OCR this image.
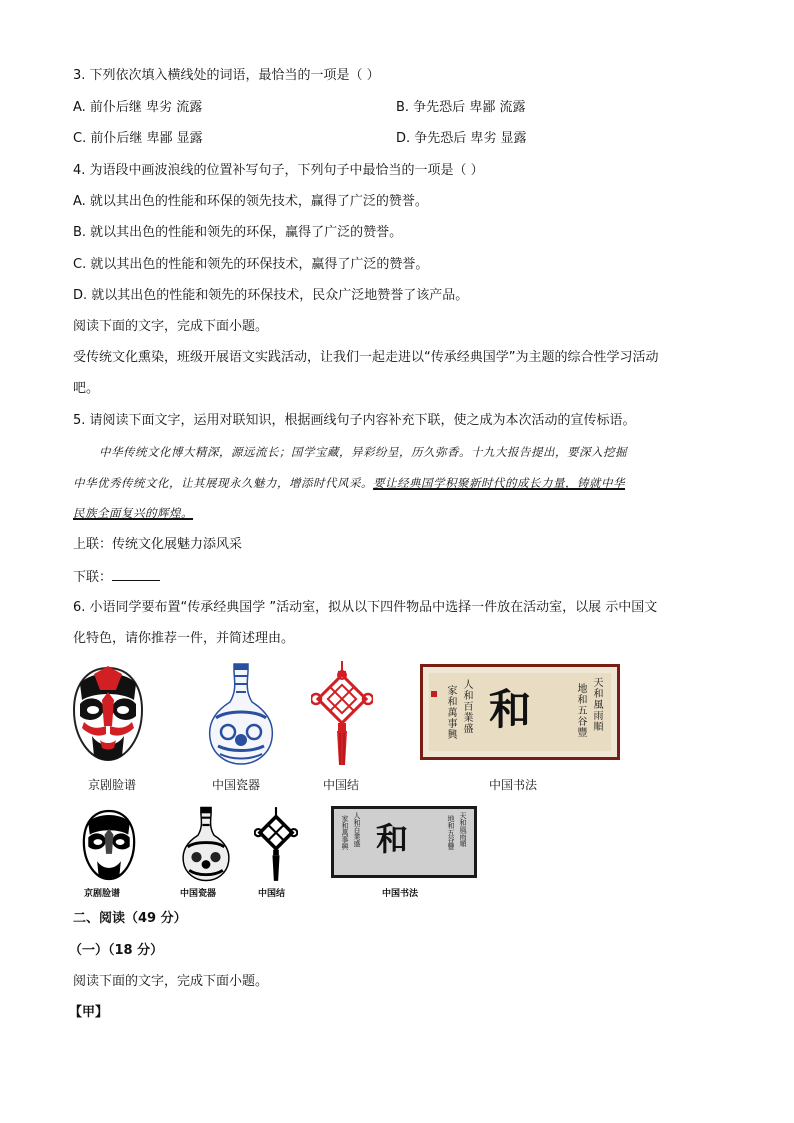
3. 下列依次填入横线处的词语，最恰当的一项是（ ）
A. 前仆后继 卑劣 流露	B. 争先恐后 卑鄙 流露
C. 前仆后继 卑鄙 显露	D. 争先恐后 卑劣 显露
4. 为语段中画波浪线的位置补写句子，下列句子中最恰当的一项是（ ）
A. 就以其出色的性能和环保的领先技术，赢得了广泛的赞誉。
B. 就以其出色的性能和领先的环保，赢得了广泛的赞誉。
C. 就以其出色的性能和领先的环保技术，赢得了广泛的赞誉。
D. 就以其出色的性能和领先的环保技术，民众广泛地赞誉了该产品。
阅读下面的文字，完成下面小题。
受传统文化熏染，班级开展语文实践活动，让我们一起走进以“传承经典国学”为主题的综合性学习活动
吧。
5. 请阅读下面文字，运用对联知识，根据画线句子内容补充下联，使之成为本次活动的宣传标语。
中华传统文化博大精深，源远流长；国学宝藏，异彩纷呈，历久弥香。十九大报告提出，要深入挖掘
中华优秀传统文化，让其展现永久魅力，增添时代风采。要让经典国学积聚新时代的成长力量，铸就中华
民族全面复兴的辉煌。
上联：传统文化展魅力添风采
下联：
6. 小语同学要布置“传承经典国学 ”活动室，拟从以下四件物品中选择一件放在活动室，以展 示中国文
化特色，请你推荐一件，并简述理由。
和	天和風雨順
地和五谷豐
人和百業盛
家和萬事興
京剧脸谱	中国瓷器	中国结	中国书法
和	天和風雨順
地和五谷豐
人和百業盛
家和萬事興
京剧脸谱	中国瓷器	中国结	中国书法
二、阅读（49 分）
（一）（18 分）
阅读下面的文字，完成下面小题。
【甲】
